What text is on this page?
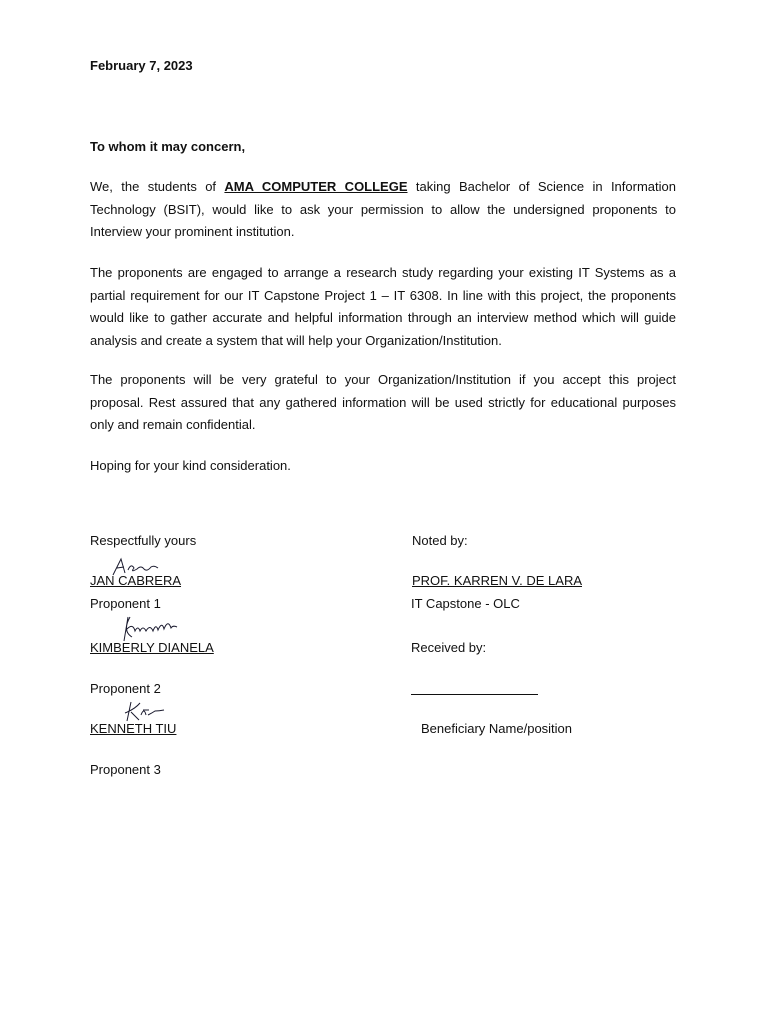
February 7, 2023
To whom it may concern,
We, the students of AMA COMPUTER COLLEGE taking Bachelor of Science in Information Technology (BSIT), would like to ask your permission to allow the undersigned proponents to Interview your prominent institution.
The proponents are engaged to arrange a research study regarding your existing IT Systems as a partial requirement for our IT Capstone Project 1 – IT 6308. In line with this project, the proponents would like to gather accurate and helpful information through an interview method which will guide analysis and create a system that will help your Organization/Institution.
The proponents will be very grateful to your Organization/Institution if you accept this project proposal. Rest assured that any gathered information will be used strictly for educational purposes only and remain confidential.
Hoping for your kind consideration.
Respectfully yours
JAN CABRERA
Proponent 1
KIMBERLY DIANELA
Proponent 2
KENNETH TIU
Proponent 3
Noted by:
PROF. KARREN V. DE LARA
IT Capstone - OLC
Received by:
Beneficiary Name/position
